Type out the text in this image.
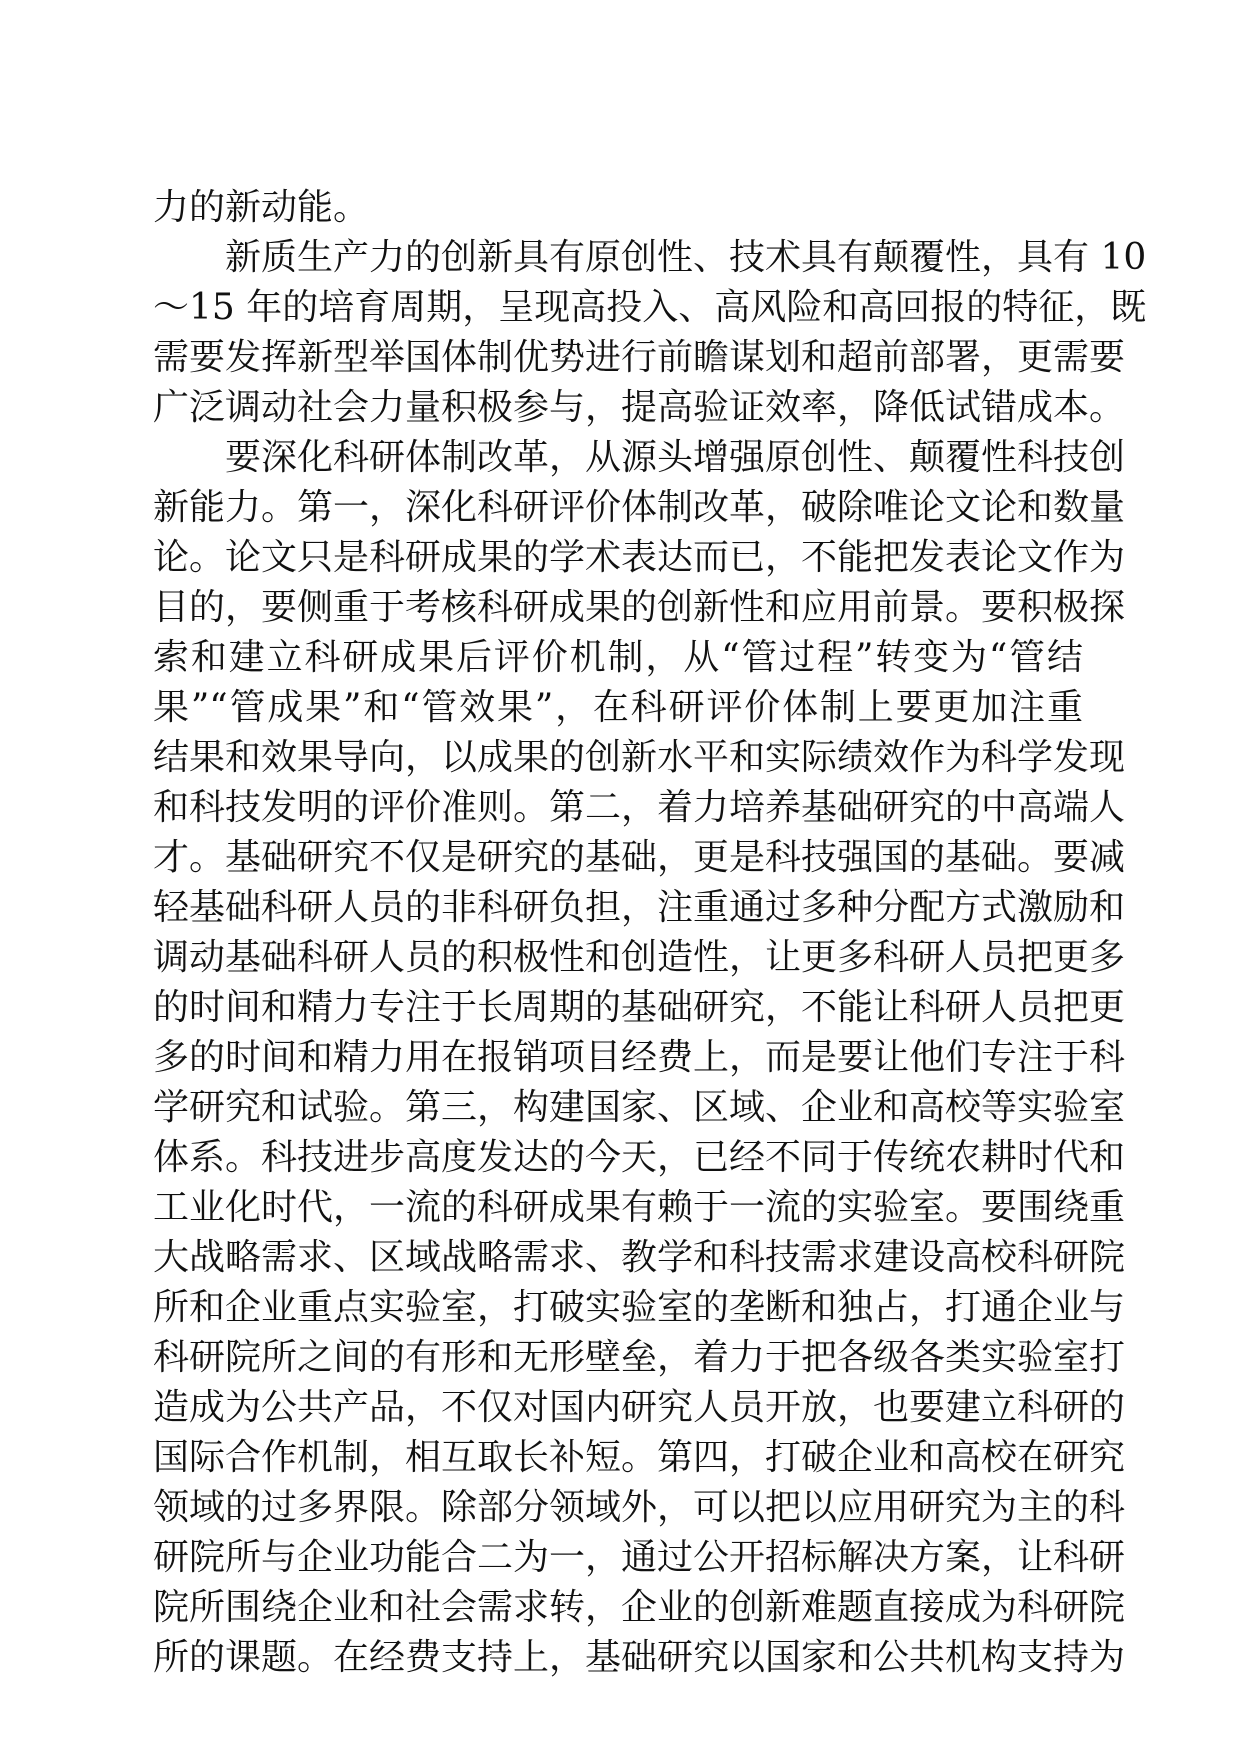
力的新动能。
新质生产力的创新具有原创性、技术具有颠覆性，具有 10
～15 年的培育周期，呈现高投入、高风险和高回报的特征，既
需要发挥新型举国体制优势进行前瞻谋划和超前部署，更需要
广泛调动社会力量积极参与，提高验证效率，降低试错成本。
要深化科研体制改革，从源头增强原创性、颠覆性科技创
新能力。第一，深化科研评价体制改革，破除唯论文论和数量
论。论文只是科研成果的学术表达而已，不能把发表论文作为
目的，要侧重于考核科研成果的创新性和应用前景。要积极探
索和建立科研成果后评价机制，从“管过程”转变为“管结
果”“管成果”和“管效果”，在科研评价体制上要更加注重
结果和效果导向，以成果的创新水平和实际绩效作为科学发现
和科技发明的评价准则。第二，着力培养基础研究的中高端人
才。基础研究不仅是研究的基础，更是科技强国的基础。要减
轻基础科研人员的非科研负担，注重通过多种分配方式激励和
调动基础科研人员的积极性和创造性，让更多科研人员把更多
的时间和精力专注于长周期的基础研究，不能让科研人员把更
多的时间和精力用在报销项目经费上，而是要让他们专注于科
学研究和试验。第三，构建国家、区域、企业和高校等实验室
体系。科技进步高度发达的今天，已经不同于传统农耕时代和
工业化时代，一流的科研成果有赖于一流的实验室。要围绕重
大战略需求、区域战略需求、教学和科技需求建设高校科研院
所和企业重点实验室，打破实验室的垄断和独占，打通企业与
科研院所之间的有形和无形壁垒，着力于把各级各类实验室打
造成为公共产品，不仅对国内研究人员开放，也要建立科研的
国际合作机制，相互取长补短。第四，打破企业和高校在研究
领域的过多界限。除部分领域外，可以把以应用研究为主的科
研院所与企业功能合二为一，通过公开招标解决方案，让科研
院所围绕企业和社会需求转，企业的创新难题直接成为科研院
所的课题。在经费支持上，基础研究以国家和公共机构支持为
